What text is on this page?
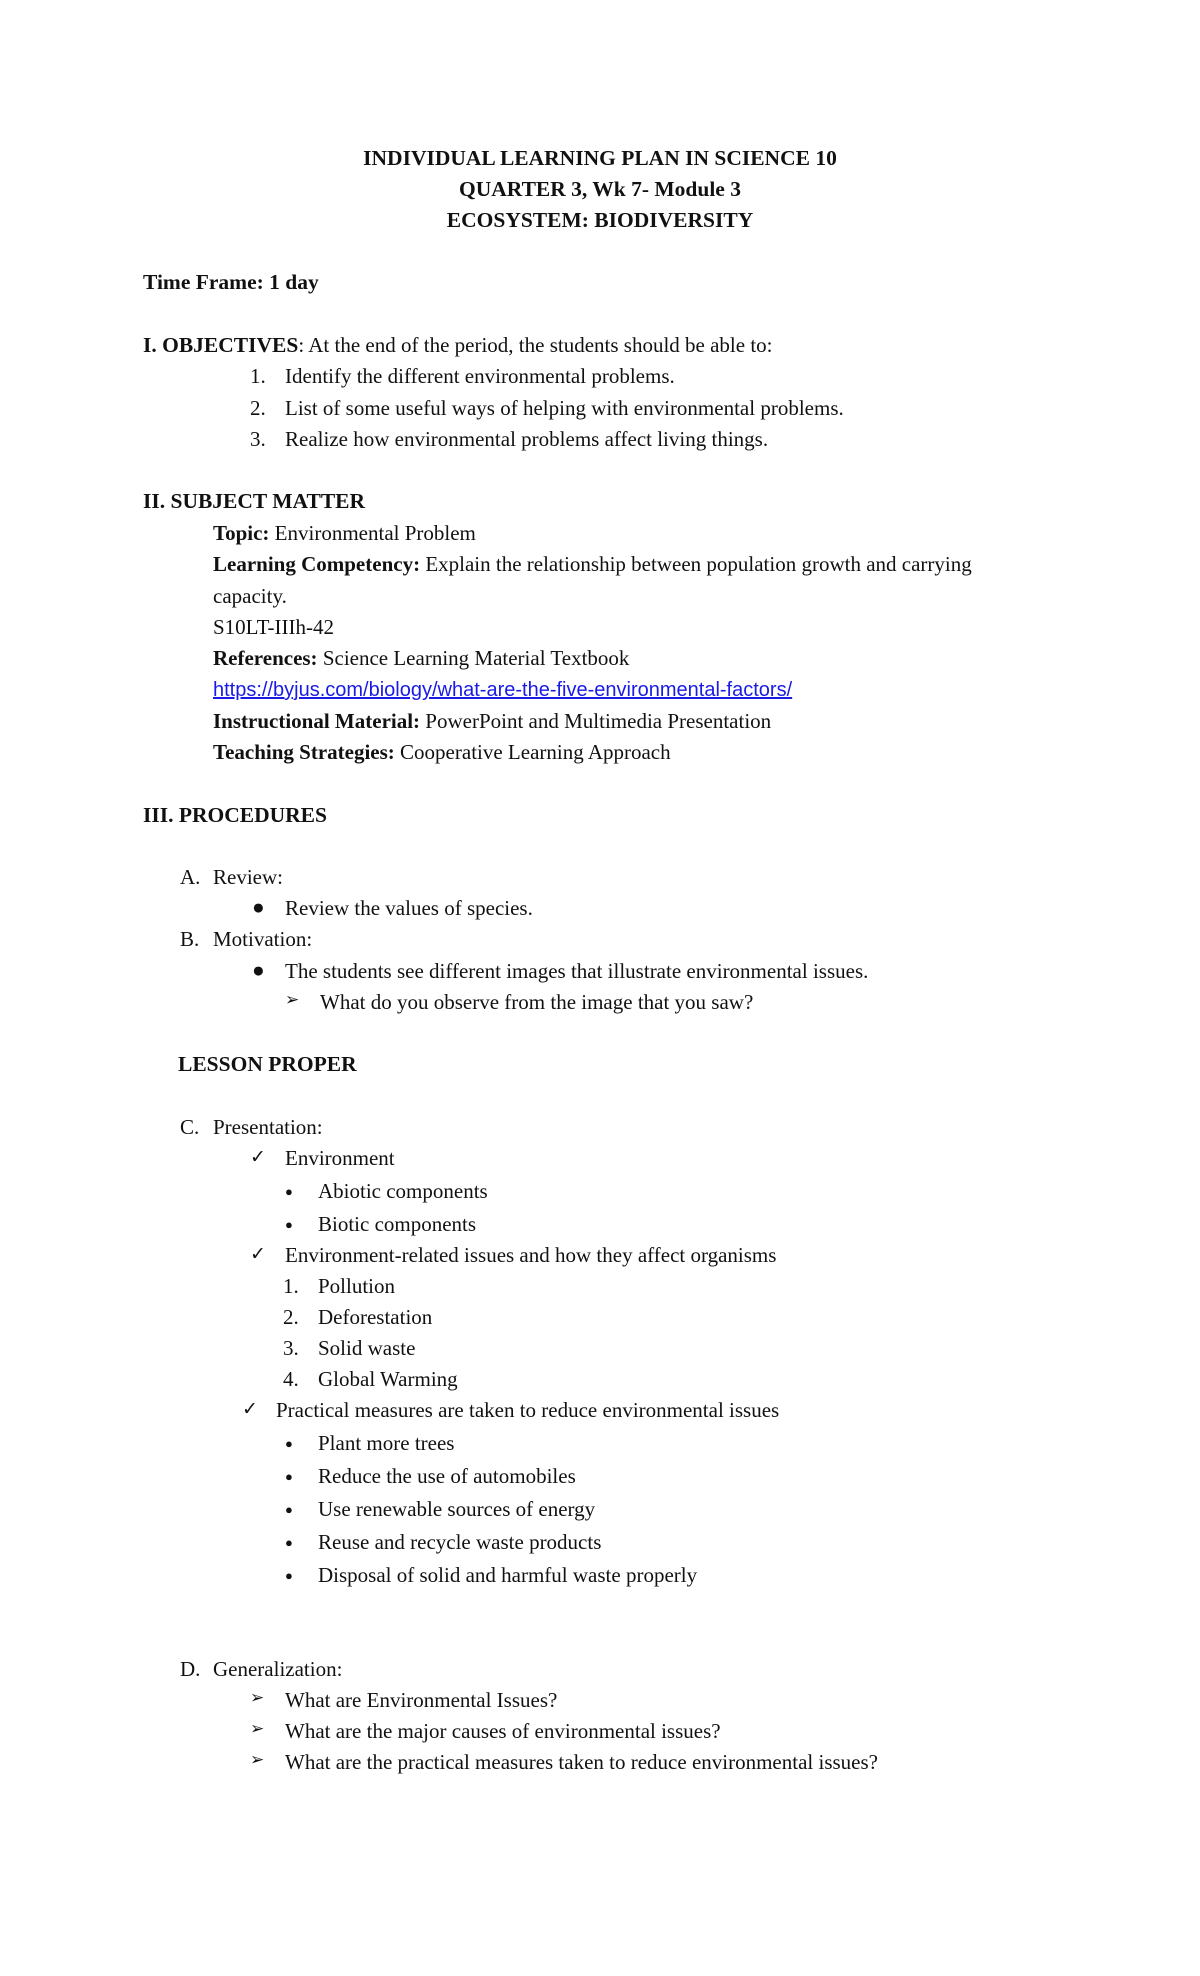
INDIVIDUAL LEARNING PLAN IN SCIENCE 10
QUARTER 3, Wk 7- Module 3
ECOSYSTEM: BIODIVERSITY
Time Frame: 1 day
I. OBJECTIVES: At the end of the period, the students should be able to:
1. Identify the different environmental problems.
2. List of some useful ways of helping with environmental problems.
3. Realize how environmental problems affect living things.
II. SUBJECT MATTER
Topic: Environmental Problem
Learning Competency: Explain the relationship between population growth and carrying
capacity.
S10LT-IIIh-42
References: Science Learning Material Textbook
https://byjus.com/biology/what-are-the-five-environmental-factors/
Instructional Material: PowerPoint and Multimedia Presentation
Teaching Strategies: Cooperative Learning Approach
III. PROCEDURES
A. Review:
● Review the values of species.
B. Motivation:
● The students see different images that illustrate environmental issues.
➢ What do you observe from the image that you saw?
LESSON PROPER
C. Presentation:
✓ Environment
● Abiotic components
● Biotic components
✓ Environment-related issues and how they affect organisms
1. Pollution
2. Deforestation
3. Solid waste
4. Global Warming
✓ Practical measures are taken to reduce environmental issues
● Plant more trees
● Reduce the use of automobiles
● Use renewable sources of energy
● Reuse and recycle waste products
● Disposal of solid and harmful waste properly
D. Generalization:
➢ What are Environmental Issues?
➢ What are the major causes of environmental issues?
➢ What are the practical measures taken to reduce environmental issues?
